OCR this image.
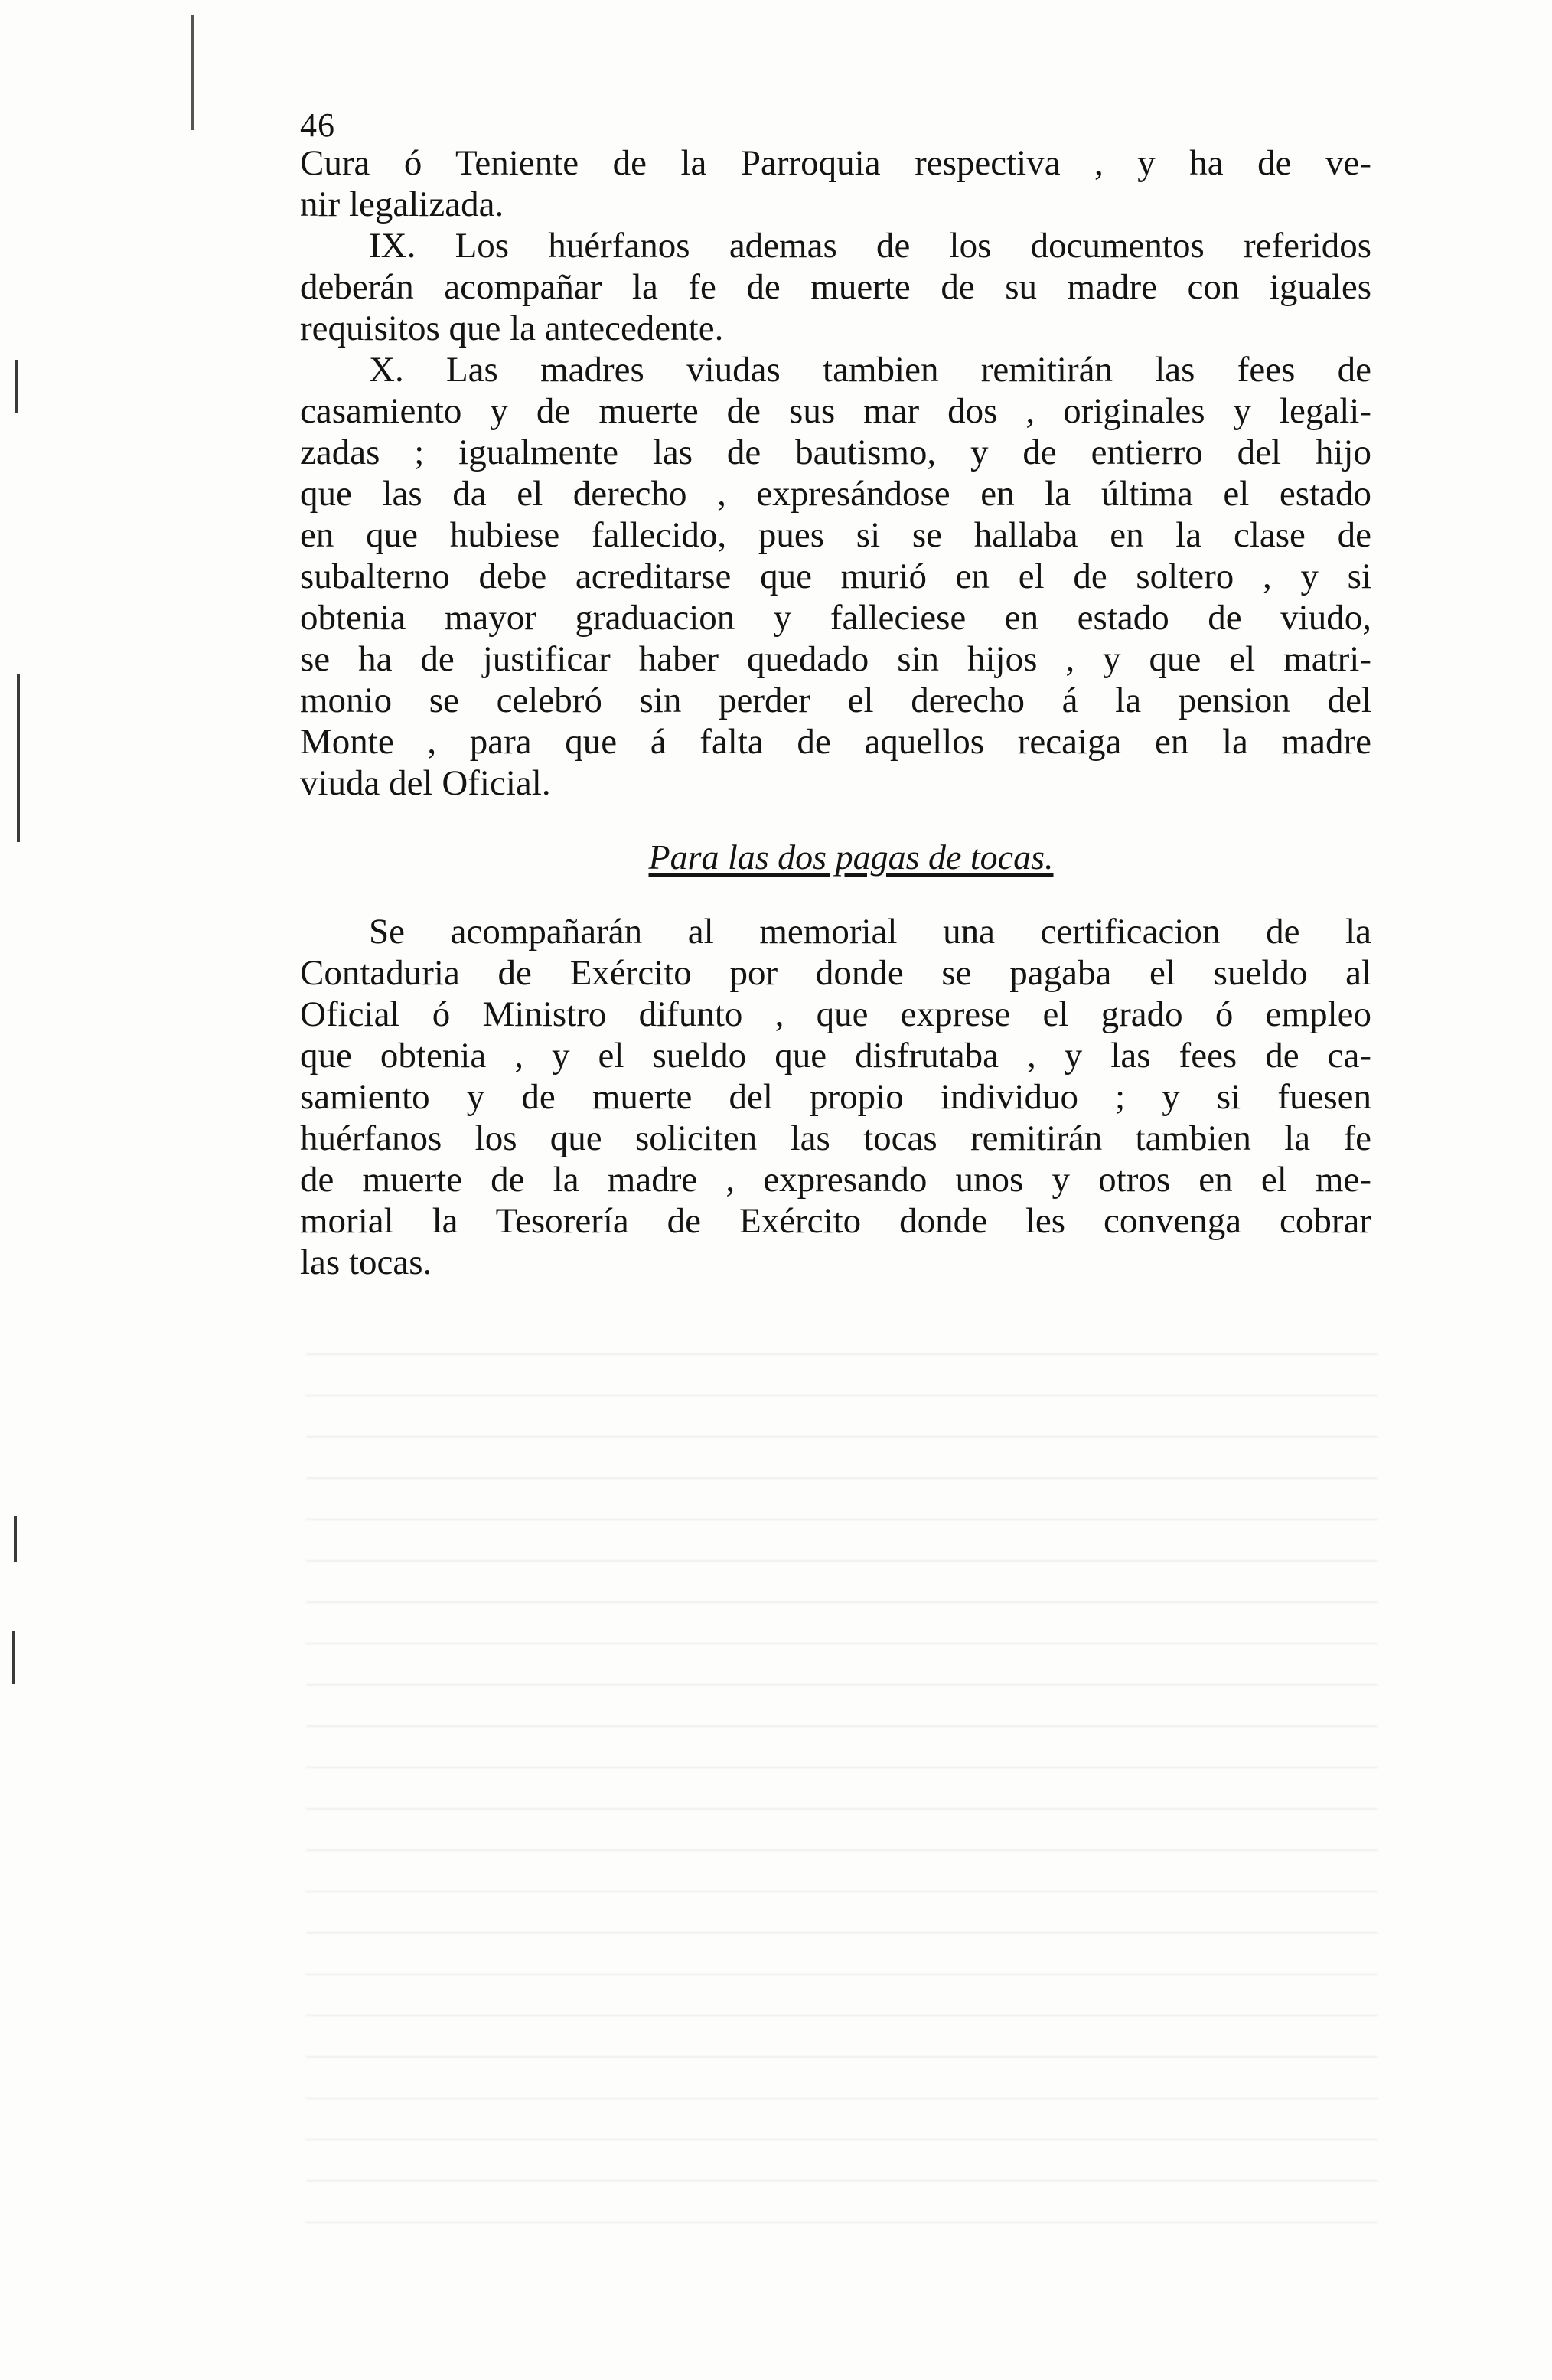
46
Cura ó Teniente de la Parroquia respectiva , y ha de ve-
nir legalizada.
IX. Los huérfanos ademas de los documentos referidos
deberán acompañar la fe de muerte de su madre con iguales
requisitos que la antecedente.
X. Las madres viudas tambien remitirán las fees de
casamiento y de muerte de sus mar dos , originales y legali-
zadas ; igualmente las de bautismo, y de entierro del hijo
que las da el derecho , expresándose en la última el estado
en que hubiese fallecido, pues si se hallaba en la clase de
subalterno debe acreditarse que murió en el de soltero , y si
obtenia mayor graduacion y falleciese en estado de viudo,
se ha de justificar haber quedado sin hijos , y que el matri-
monio se celebró sin perder el derecho á la pension del
Monte , para que á falta de aquellos recaiga en la madre
viuda del Oficial.
Para las dos pagas de tocas.
Se acompañarán al memorial una certificacion de la
Contaduria de Exército por donde se pagaba el sueldo al
Oficial ó Ministro difunto , que exprese el grado ó empleo
que obtenia , y el sueldo que disfrutaba , y las fees de ca-
samiento y de muerte del propio individuo ; y si fuesen
huérfanos los que soliciten las tocas remitirán tambien la fe
de muerte de la madre , expresando unos y otros en el me-
morial la Tesorería de Exército donde les convenga cobrar
las tocas.
